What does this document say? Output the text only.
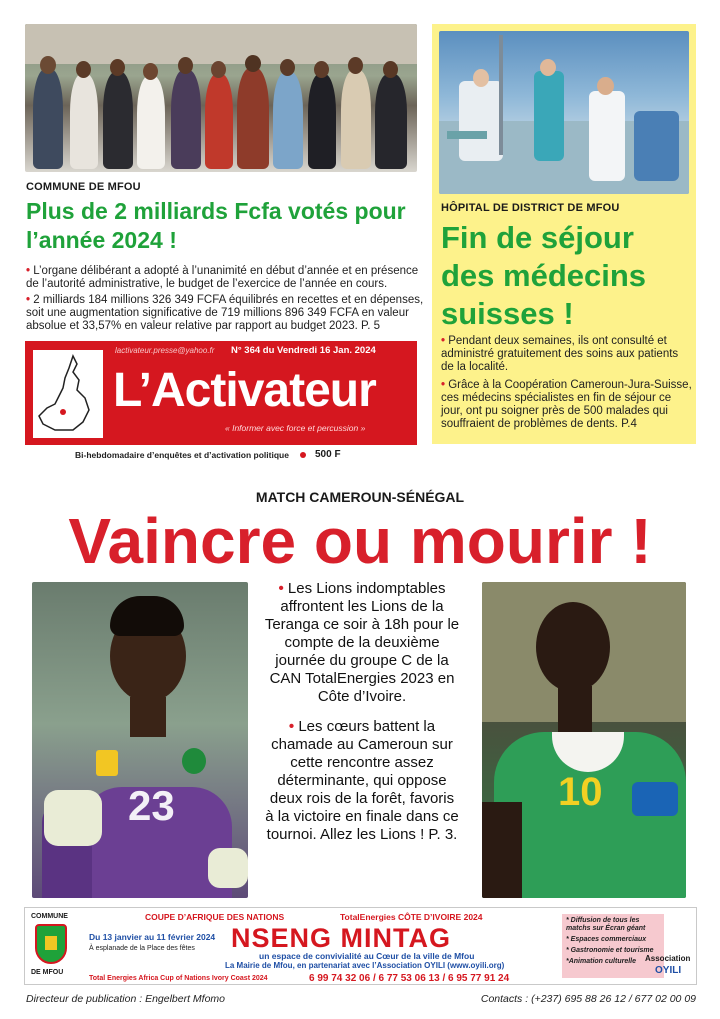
COMMUNE DE MFOU
Plus de 2 milliards Fcfa votés pour l’année 2024 !

• L’organe délibérant a adopté à l’unanimité en début d’année et en présence de l’autorité administrative, le budget de l’exercice de l’année en cours.

• 2 milliards 184 millions 326 349 FCFA équilibrés en recettes et en dépenses, soit une augmentation significative de 719 millions 896 349 FCFA en valeur absolue et 33,57% en valeur relative par rapport au budget 2023. P. 5

HÔPITAL DE DISTRICT DE MFOU
Fin de séjour des médecins suisses !

• Pendant deux semaines, ils ont consulté et administré gratuitement des soins aux patients de la localité.

• Grâce à la Coopération Cameroun-Jura-Suisse, ces médecins spécialistes en fin de séjour ce jour, ont pu soigner près de 500 malades qui souffraient de problèmes de dents. P.4

lactivateur.presse@yahoo.fr N° 364 du Vendredi 16 Jan. 2024
L’Activateur
« Informer avec force et percussion »
Bi-hebdomadaire d’enquêtes et d’activation politique	500 F
MATCH CAMEROUN-SÉNÉGAL
Vaincre ou mourir !
23

• Les Lions indomptables affrontent les Lions de la Teranga ce soir à 18h pour le compte de la deuxième journée du groupe C de la CAN TotalEnergies 2023 en Côte d’Ivoire.

• Les cœurs battent la chamade au Cameroun sur cette rencontre assez déterminante, qui oppose deux rois de la forêt, favoris à la victoire en finale dans ce tournoi. Allez les Lions ! P. 3.

10
COMMUNE
DE MFOU
COUPE D’AFRIQUE DES NATIONS	TotalEnergies CÔTE D’IVOIRE 2024
Du 13 janvier au 11 février 2024
À esplanade de la Place des fêtes NSENG MINTAG
un espace de convivialité au Cœur de la ville de Mfou
La Mairie de Mfou, en partenariat avec l’Association OYILI (www.oyili.org)
Total Energies Africa Cup of Nations Ivory Coast 2024	6 99 74 32 06 / 6 77 53 06 13 / 6 95 77 91 24

* Diffusion de tous les matchs sur Écran géant

* Espaces commerciaux

* Gastronomie et tourisme

*Animation culturelle	Association
OYILI
Directeur de publication : Engelbert Mfomo	Contacts : (+237) 695 88 26 12 / 677 02 00 09
